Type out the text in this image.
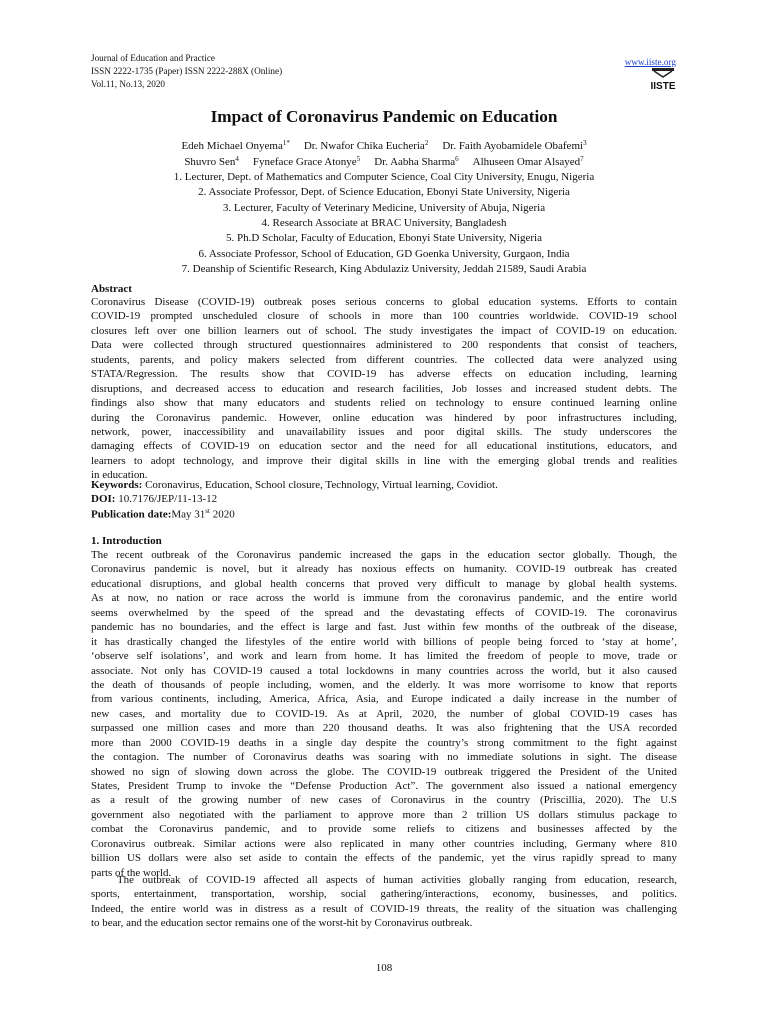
Journal of Education and Practice
ISSN 2222-1735 (Paper) ISSN 2222-288X (Online)
Vol.11, No.13, 2020
www.iiste.org
IISTE
Impact of Coronavirus Pandemic on Education
Edeh Michael Onyema$^{1*}$ Dr. Nwafor Chika Eucheria$^2$ Dr. Faith Ayobamidele Obafemi$^3$
Shuvro Sen$^4$ Fyneface Grace Atonye$^5$ Dr. Aabha Sharma$^6$ Alhuseen Omar Alsayed$^7$
1. Lecturer, Dept. of Mathematics and Computer Science, Coal City University, Enugu, Nigeria
2. Associate Professor, Dept. of Science Education, Ebonyi State University, Nigeria
3. Lecturer, Faculty of Veterinary Medicine, University of Abuja, Nigeria
4. Research Associate at BRAC University, Bangladesh
5. Ph.D Scholar, Faculty of Education, Ebonyi State University, Nigeria
6. Associate Professor, School of Education, GD Goenka University, Gurgaon, India
7. Deanship of Scientific Research, King Abdulaziz University, Jeddah 21589, Saudi Arabia
Abstract
Coronavirus Disease (COVID-19) outbreak poses serious concerns to global education systems. Efforts to contain
COVID-19 prompted unscheduled closure of schools in more than 100 countries worldwide. COVID-19 school
closures left over one billion learners out of school. The study investigates the impact of COVID-19 on education.
Data were collected through structured questionnaires administered to 200 respondents that consist of teachers,
students, parents, and policy makers selected from different countries. The collected data were analyzed using
STATA/Regression. The results show that COVID-19 has adverse effects on education including, learning
disruptions, and decreased access to education and research facilities, Job losses and increased student debts. The
findings also show that many educators and students relied on technology to ensure continued learning online
during the Coronavirus pandemic. However, online education was hindered by poor infrastructures including,
network, power, inaccessibility and unavailability issues and poor digital skills. The study underscores the
damaging effects of COVID-19 on education sector and the need for all educational institutions, educators, and
learners to adopt technology, and improve their digital skills in line with the emerging global trends and realities
in education.
Keywords: Coronavirus, Education, School closure, Technology, Virtual learning, Covidiot.
DOI: 10.7176/JEP/11-13-12
Publication date:May 31st 2020
1. Introduction
The recent outbreak of the Coronavirus pandemic increased the gaps in the education sector globally. Though, the
Coronavirus pandemic is novel, but it already has noxious effects on humanity. COVID-19 outbreak has created
educational disruptions, and global health concerns that proved very difficult to manage by global health systems.
As at now, no nation or race across the world is immune from the coronavirus pandemic, and the entire world
seems overwhelmed by the speed of the spread and the devastating effects of COVID-19. The coronavirus
pandemic has no boundaries, and the effect is large and fast. Just within few months of the outbreak of the disease,
it has drastically changed the lifestyles of the entire world with billions of people being forced to ‘stay at home’,
‘observe self isolations’, and work and learn from home. It has limited the freedom of people to move, trade or
associate. Not only has COVID-19 caused a total lockdowns in many countries across the world, but it also caused
the death of thousands of people including, women, and the elderly. It was more worrisome to know that reports
from various continents, including, America, Africa, Asia, and Europe indicated a daily increase in the number of
new cases, and mortality due to COVID-19. As at April, 2020, the number of global COVID-19 cases has
surpassed one million cases and more than 220 thousand deaths. It was also frightening that the USA recorded
more than 2000 COVID-19 deaths in a single day despite the country’s strong commitment to the fight against
the contagion. The number of Coronavirus deaths was soaring with no immediate solutions in sight. The disease
showed no sign of slowing down across the globe. The COVID-19 outbreak triggered the President of the United
States, President Trump to invoke the “Defense Production Act”. The government also issued a national emergency
as a result of the growing number of new cases of Coronavirus in the country (Priscillia, 2020). The U.S
government also negotiated with the parliament to approve more than 2 trillion US dollars stimulus package to
combat the Coronavirus pandemic, and to provide some reliefs to citizens and businesses affected by the
Coronavirus outbreak. Similar actions were also replicated in many other countries including, Germany where 810
billion US dollars were also set aside to contain the effects of the pandemic, yet the virus rapidly spread to many
parts of the world.
The outbreak of COVID-19 affected all aspects of human activities globally ranging from education, research,
sports, entertainment, transportation, worship, social gathering/interactions, economy, businesses, and politics.
Indeed, the entire world was in distress as a result of COVID-19 threats, the reality of the situation was challenging
to bear, and the education sector remains one of the worst-hit by Coronavirus outbreak.
108
